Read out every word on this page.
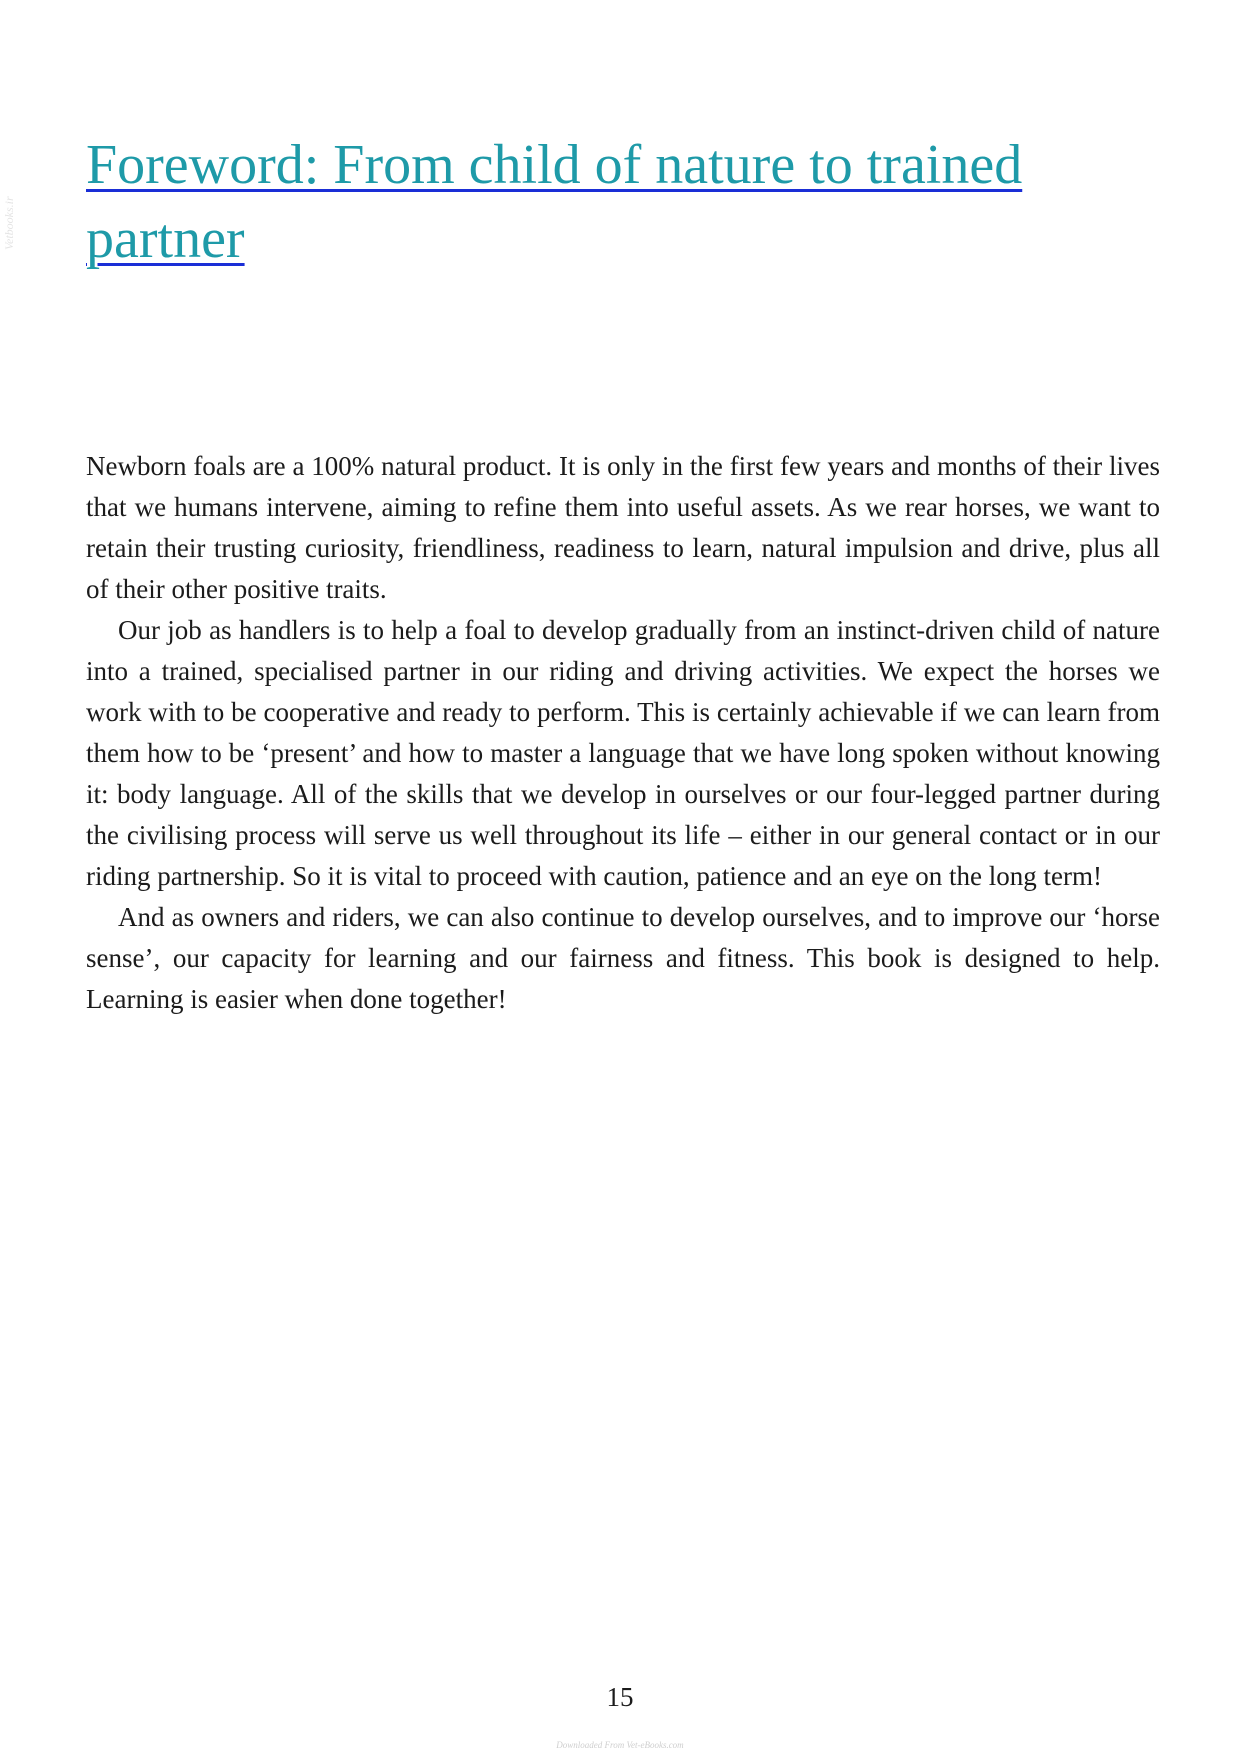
Vetbooks.ir
Foreword: From child of nature to trained partner

Newborn foals are a 100% natural product. It is only in the first few years and months of their lives that we humans intervene, aiming to refine them into useful assets. As we rear horses, we want to retain their trusting curiosity, friendliness, readiness to learn, natural impulsion and drive, plus all of their other positive traits.

Our job as handlers is to help a foal to develop gradually from an instinct-driven child of nature into a trained, specialised partner in our riding and driving activities. We expect the horses we work with to be cooperative and ready to perform. This is certainly achievable if we can learn from them how to be ‘present’ and how to master a language that we have long spoken without knowing it: body language. All of the skills that we develop in ourselves or our four-legged partner during the civilising process will serve us well throughout its life – either in our general contact or in our riding partnership. So it is vital to proceed with caution, patience and an eye on the long term!

And as owners and riders, we can also continue to develop ourselves, and to improve our ‘horse sense’, our capacity for learning and our fairness and fitness. This book is designed to help. Learning is easier when done together!

15
Downloaded From Vet-eBooks.com
